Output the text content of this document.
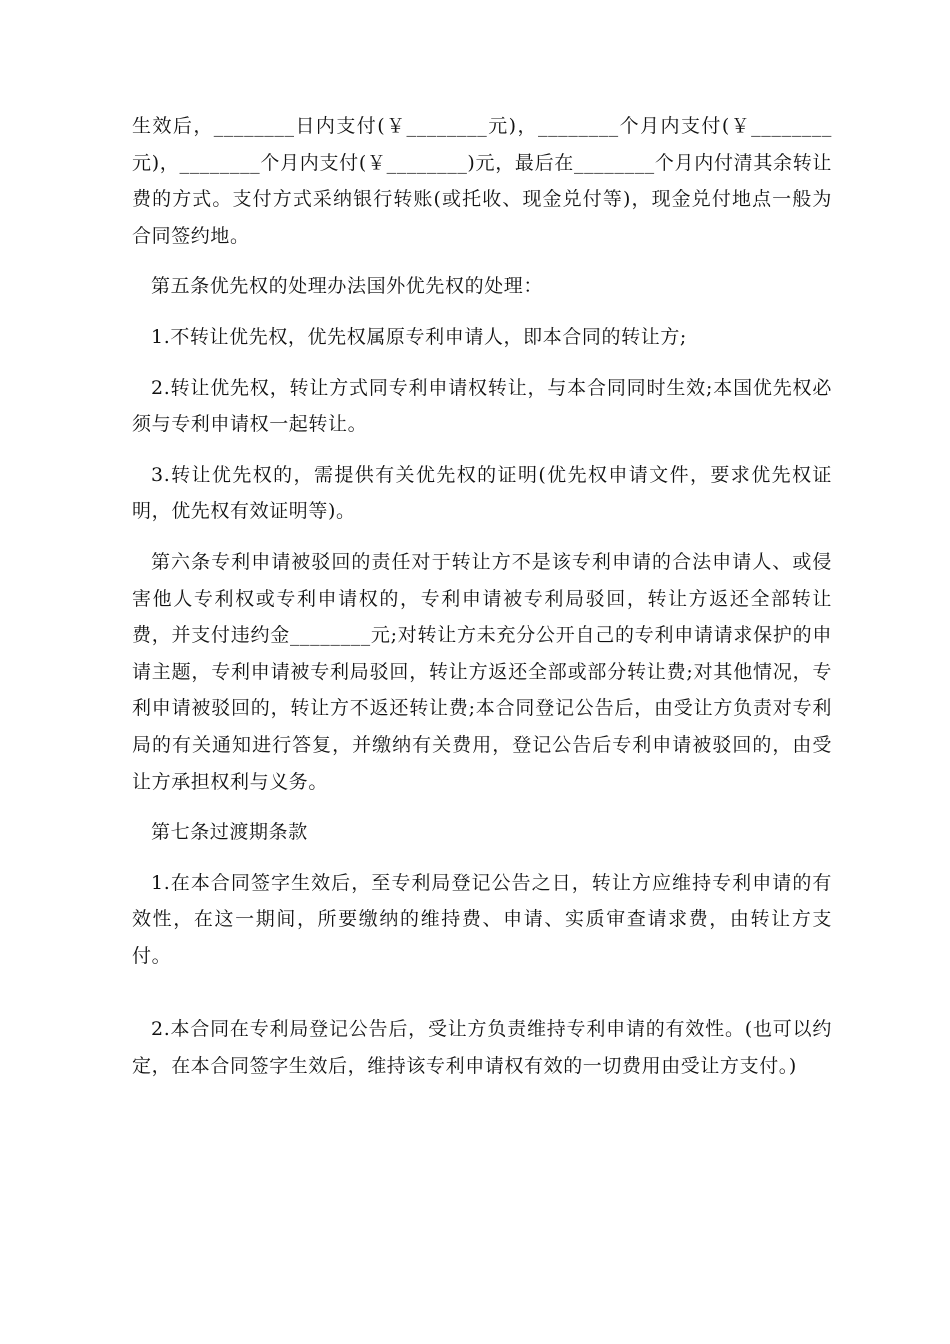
生效后，________日内支付(￥________元)，________个月内支付(￥________元)，________个月内支付(￥________)元，最后在________个月内付清其余转让费的方式。支付方式采纳银行转账(或托收、现金兑付等)，现金兑付地点一般为合同签约地。

第五条优先权的处理办法国外优先权的处理：

1.不转让优先权，优先权属原专利申请人，即本合同的转让方;

2.转让优先权，转让方式同专利申请权转让，与本合同同时生效;本国优先权必须与专利申请权一起转让。

3.转让优先权的，需提供有关优先权的证明(优先权申请文件，要求优先权证明，优先权有效证明等)。

第六条专利申请被驳回的责任对于转让方不是该专利申请的合法申请人、或侵害他人专利权或专利申请权的，专利申请被专利局驳回，转让方返还全部转让费，并支付违约金________元;对转让方未充分公开自己的专利申请请求保护的申请主题，专利申请被专利局驳回，转让方返还全部或部分转让费;对其他情况，专利申请被驳回的，转让方不返还转让费;本合同登记公告后，由受让方负责对专利局的有关通知进行答复，并缴纳有关费用，登记公告后专利申请被驳回的，由受让方承担权利与义务。

第七条过渡期条款

1.在本合同签字生效后，至专利局登记公告之日，转让方应维持专利申请的有效性，在这一期间，所要缴纳的维持费、申请、实质审查请求费，由转让方支付。

2.本合同在专利局登记公告后，受让方负责维持专利申请的有效性。(也可以约定，在本合同签字生效后，维持该专利申请权有效的一切费用由受让方支付。)
